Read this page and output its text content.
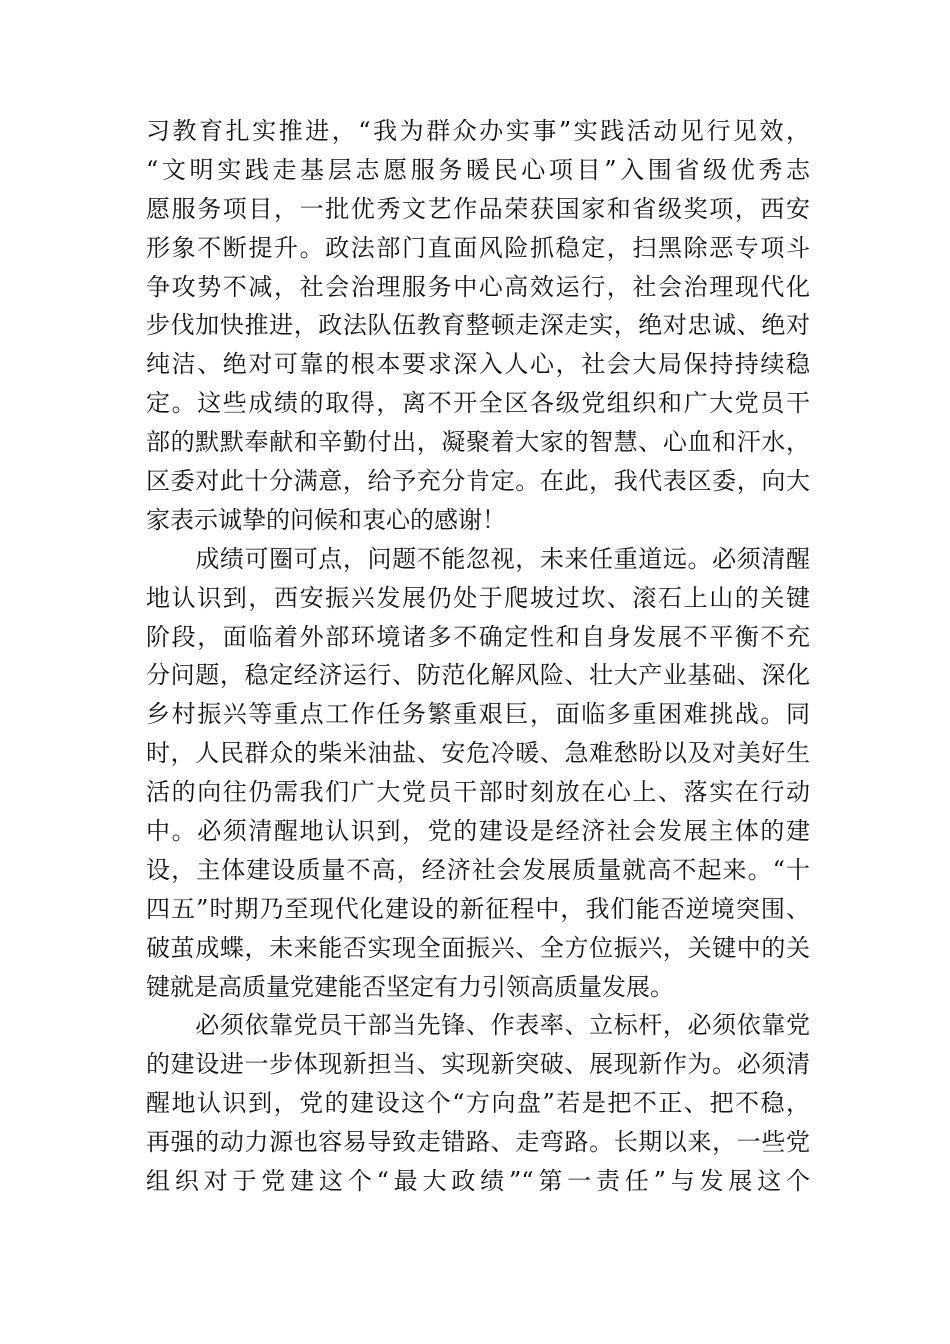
习教育扎实推进，“我为群众办实事”实践活动见行见效，
“文明实践走基层志愿服务暖民心项目”入围省级优秀志
愿服务项目，一批优秀文艺作品荣获国家和省级奖项，西安
形象不断提升。政法部门直面风险抓稳定，扫黑除恶专项斗
争攻势不减，社会治理服务中心高效运行，社会治理现代化
步伐加快推进，政法队伍教育整顿走深走实，绝对忠诚、绝对
纯洁、绝对可靠的根本要求深入人心，社会大局保持持续稳
定。这些成绩的取得，离不开全区各级党组织和广大党员干
部的默默奉献和辛勤付出，凝聚着大家的智慧、心血和汗水，
区委对此十分满意，给予充分肯定。在此，我代表区委，向大
家表示诚挚的问候和衷心的感谢！
　　成绩可圈可点，问题不能忽视，未来任重道远。必须清醒
地认识到，西安振兴发展仍处于爬坡过坎、滚石上山的关键
阶段，面临着外部环境诸多不确定性和自身发展不平衡不充
分问题，稳定经济运行、防范化解风险、壮大产业基础、深化
乡村振兴等重点工作任务繁重艰巨，面临多重困难挑战。同
时，人民群众的柴米油盐、安危冷暖、急难愁盼以及对美好生
活的向往仍需我们广大党员干部时刻放在心上、落实在行动
中。必须清醒地认识到，党的建设是经济社会发展主体的建
设，主体建设质量不高，经济社会发展质量就高不起来。“十
四五”时期乃至现代化建设的新征程中，我们能否逆境突围、
破茧成蝶，未来能否实现全面振兴、全方位振兴，关键中的关
键就是高质量党建能否坚定有力引领高质量发展。
　　必须依靠党员干部当先锋、作表率、立标杆，必须依靠党
的建设进一步体现新担当、实现新突破、展现新作为。必须清
醒地认识到，党的建设这个“方向盘”若是把不正、把不稳，
再强的动力源也容易导致走错路、走弯路。长期以来，一些党
组织对于党建这个“最大政绩”“第一责任”与发展这个
